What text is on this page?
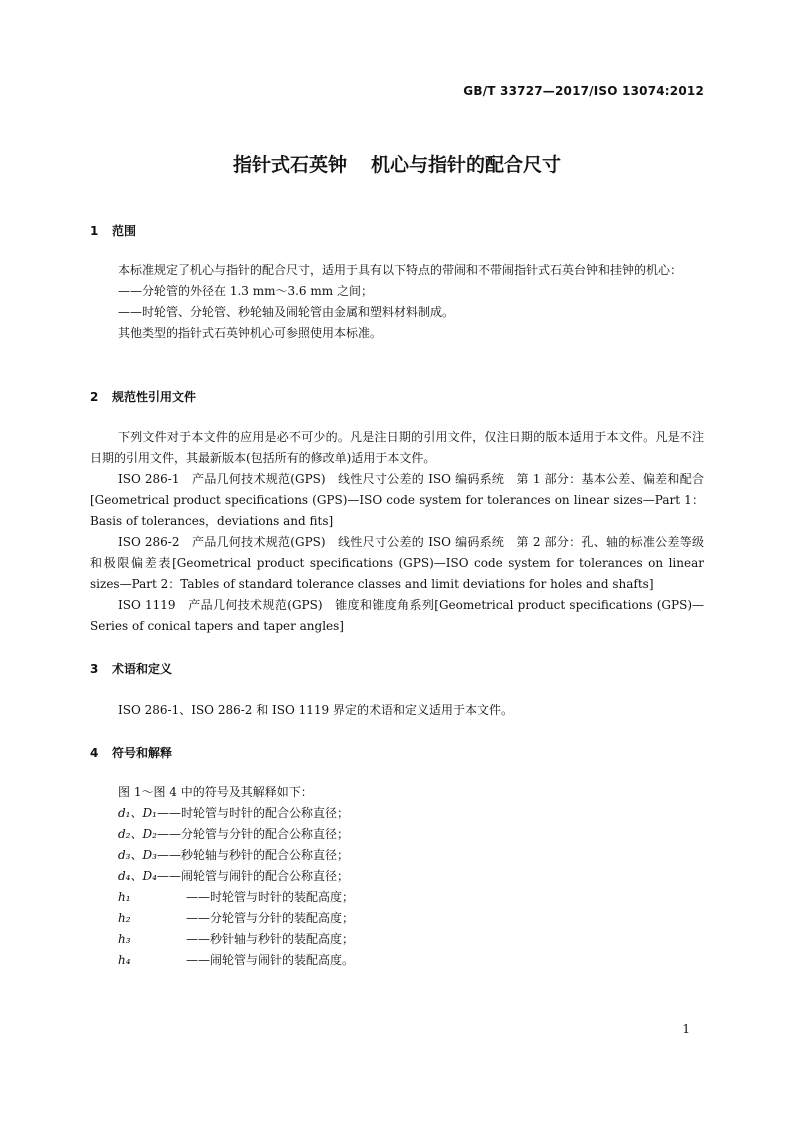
GB/T 33727—2017/ISO 13074:2012
指针式石英钟 机心与指针的配合尺寸
1 范围

本标准规定了机心与指针的配合尺寸，适用于具有以下特点的带闹和不带闹指针式石英台钟和挂钟的机心：

——分轮管的外径在 1.3 mm～3.6 mm 之间；

——时轮管、分轮管、秒轮轴及闹轮管由金属和塑料材料制成。

其他类型的指针式石英钟机心可参照使用本标准。

2 规范性引用文件

下列文件对于本文件的应用是必不可少的。凡是注日期的引用文件，仅注日期的版本适用于本文件。凡是不注日期的引用文件，其最新版本(包括所有的修改单)适用于本文件。

ISO 286-1　产品几何技术规范(GPS)　线性尺寸公差的 ISO 编码系统　第 1 部分：基本公差、偏差和配合[Geometrical product specifications (GPS)—ISO code system for tolerances on linear sizes—Part 1：Basis of tolerances，deviations and fits]

ISO 286-2　产品几何技术规范(GPS)　线性尺寸公差的 ISO 编码系统　第 2 部分：孔、轴的标准公差等级和极限偏差表[Geometrical product specifications (GPS)—ISO code system for tolerances on linear sizes—Part 2：Tables of standard tolerance classes and limit deviations for holes and shafts]

ISO 1119　产品几何技术规范(GPS)　锥度和锥度角系列[Geometrical product specifications (GPS)—Series of conical tapers and taper angles]

3 术语和定义

ISO 286-1、ISO 286-2 和 ISO 1119 界定的术语和定义适用于本文件。

4 符号和解释
图 1～图 4 中的符号及其解释如下：
d₁、D₁ ——时轮管与时针的配合公称直径；
d₂、D₂ ——分轮管与分针的配合公称直径；
d₃、D₃ ——秒轮轴与秒针的配合公称直径；
d₄、D₄ ——闹轮管与闹针的配合公称直径；
h₁	——时轮管与时针的装配高度；
h₂	——分轮管与分针的装配高度；
h₃	——秒针轴与秒针的装配高度；
h₄	——闹轮管与闹针的装配高度。
1
